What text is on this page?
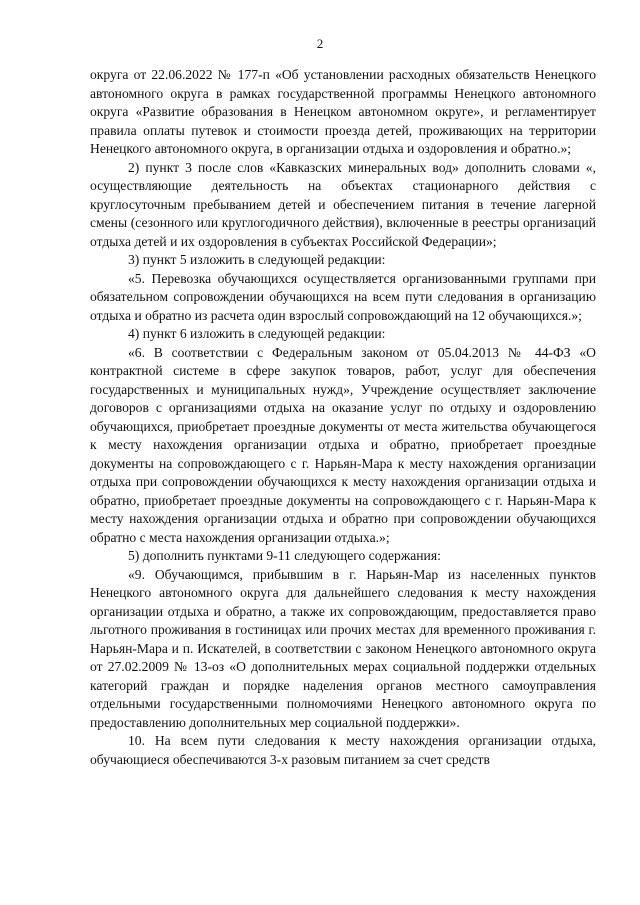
2

округа от 22.06.2022 № 177-п «Об установлении расходных обязательств Ненецкого автономного округа в рамках государственной программы Ненецкого автономного округа «Развитие образования в Ненецком автономном округе», и регламентирует правила оплаты путевок и стоимости проезда детей, проживающих на территории Ненецкого автономного округа, в организации отдыха и оздоровления и обратно.»;

2) пункт 3 после слов «Кавказских минеральных вод» дополнить словами «, осуществляющие деятельность на объектах стационарного действия с круглосуточным пребыванием детей и обеспечением питания в течение лагерной смены (сезонного или круглогодичного действия), включенные в реестры организаций отдыха детей и их оздоровления в субъектах Российской Федерации»;

3) пункт 5 изложить в следующей редакции:

«5. Перевозка обучающихся осуществляется организованными группами при обязательном сопровождении обучающихся на всем пути следования в организацию отдыха и обратно из расчета один взрослый сопровождающий на 12 обучающихся.»;

4) пункт 6 изложить в следующей редакции:

«6. В соответствии с Федеральным законом от 05.04.2013 № 44-ФЗ «О контрактной системе в сфере закупок товаров, работ, услуг для обеспечения государственных и муниципальных нужд», Учреждение осуществляет заключение договоров с организациями отдыха на оказание услуг по отдыху и оздоровлению обучающихся, приобретает проездные документы от места жительства обучающегося к месту нахождения организации отдыха и обратно, приобретает проездные документы на сопровождающего с г. Нарьян-Мара к месту нахождения организации отдыха при сопровождении обучающихся к месту нахождения организации отдыха и обратно, приобретает проездные документы на сопровождающего с г. Нарьян-Мара к месту нахождения организации отдыха и обратно при сопровождении обучающихся обратно с места нахождения организации отдыха.»;

5) дополнить пунктами 9-11 следующего содержания:

«9. Обучающимся, прибывшим в г. Нарьян-Мар из населенных пунктов Ненецкого автономного округа для дальнейшего следования к месту нахождения организации отдыха и обратно, а также их сопровождающим, предоставляется право льготного проживания в гостиницах или прочих местах для временного проживания г. Нарьян-Мара и п. Искателей, в соответствии с законом Ненецкого автономного округа от 27.02.2009 № 13-оз «О дополнительных мерах социальной поддержки отдельных категорий граждан и порядке наделения органов местного самоуправления отдельными государственными полномочиями Ненецкого автономного округа по предоставлению дополнительных мер социальной поддержки».

10. На всем пути следования к месту нахождения организации отдыха, обучающиеся обеспечиваются 3-х разовым питанием за счет средств
